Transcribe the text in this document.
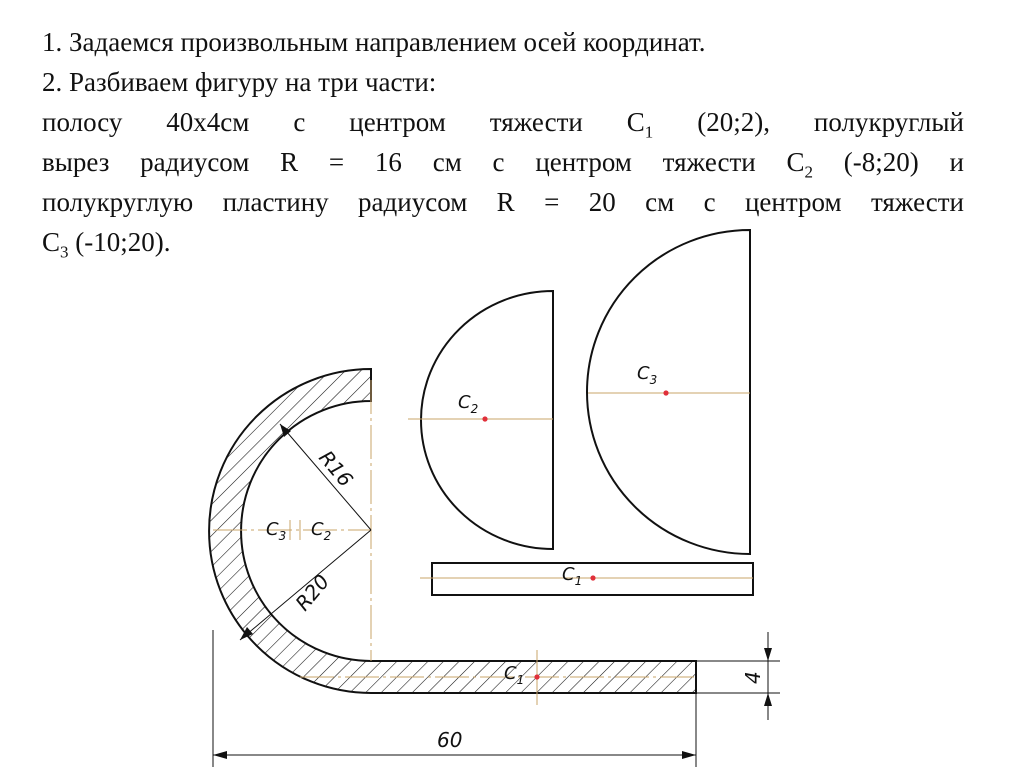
1. Задаемся произвольным направлением осей координат.
2. Разбиваем фигуру на три части:
полосу 40х4см с центром тяжести $C_1$ (20;2), полукруглый
вырез радиусом R = 16 см с центром тяжести $C_2$ (-8;20) и
полукруглую пластину радиусом R = 20 см с центром тяжести
$C_3$ (-10;20).
$C_2$
$C_3$
$C_1$
$C_1$
$C_3$ $C_2$
R16
R20
60
4
